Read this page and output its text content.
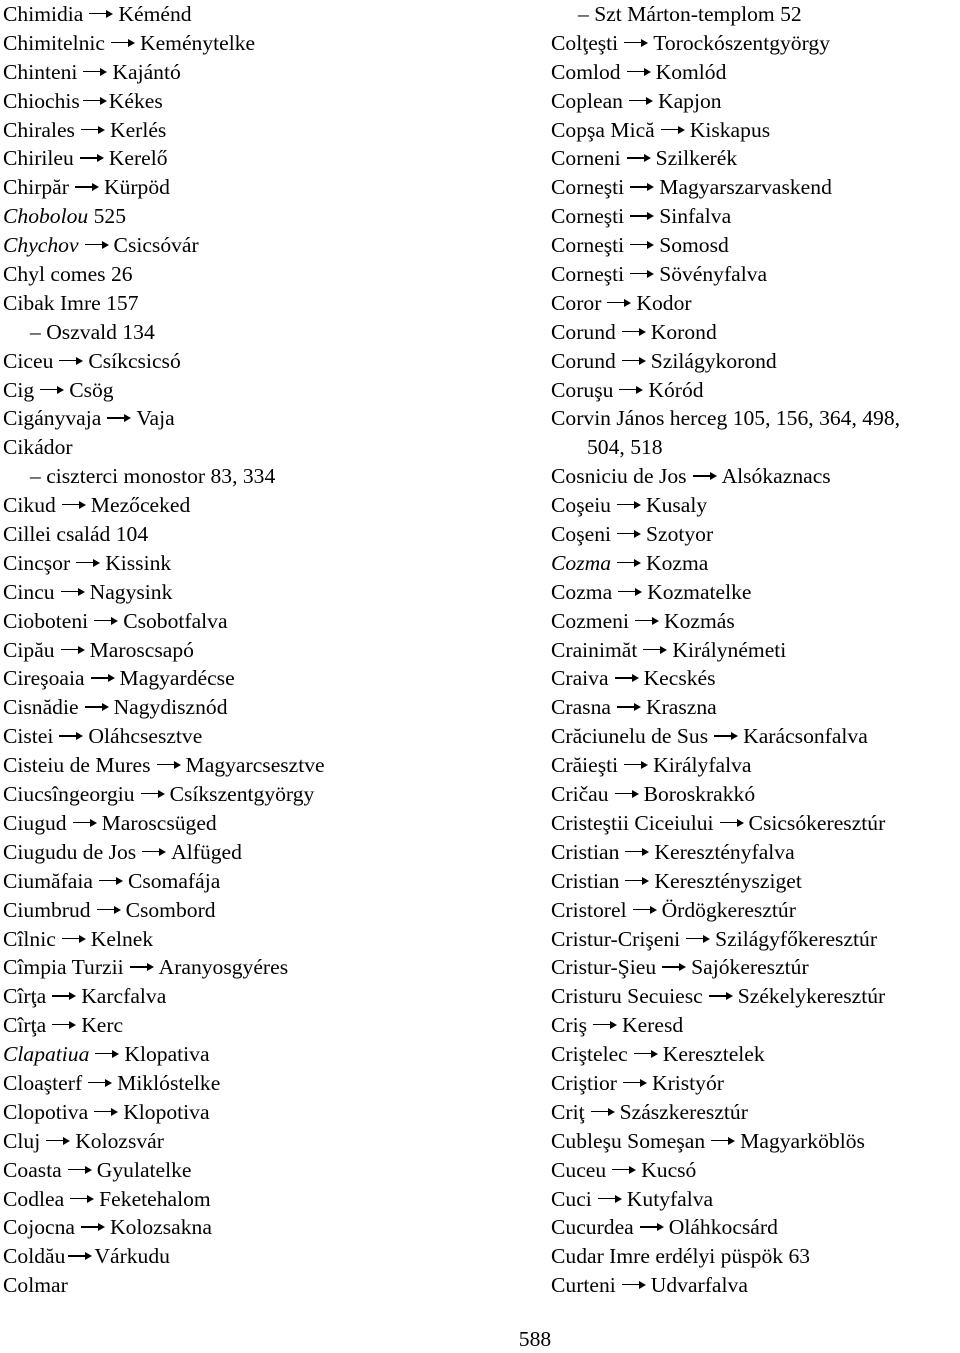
Chimidia Kéménd
Chimitelnic Keménytelke
Chinteni Kajántó
Chiochis Kékes
Chirales Kerlés
Chirileu Kerelő
Chirpăr Kürpöd
Chobolou 525
Chychov Csicsóvár
Chyl comes 26
Cibak Imre 157
– Oszvald 134
Ciceu Csíkcsicsó
Cig Csög
Cigányvaja Vaja
Cikádor
– ciszterci monostor 83, 334
Cikud Mezőceked
Cillei család 104
Cincşor Kissink
Cincu Nagysink
Cioboteni Csobotfalva
Cipău Maroscsapó
Cireşoaia Magyardécse
Cisnădie Nagydisznód
Cistei Oláhcsesztve
Cisteiu de Mures Magyarcsesztve
Ciucsîngeorgiu Csíkszentgyörgy
Ciugud Maroscsüged
Ciugudu de Jos Alfüged
Ciumăfaia Csomafája
Ciumbrud Csombord
Cîlnic Kelnek
Cîmpia Turzii Aranyosgyéres
Cîrţa Karcfalva
Cîrţa Kerc
Clapatiua Klopativa
Cloaşterf Miklóstelke
Clopotiva Klopotiva
Cluj Kolozsvár
Coasta Gyulatelke
Codlea Feketehalom
Cojocna Kolozsakna
Coldău Várkudu
Colmar
– Szt Márton-templom 52
Colţeşti Torockószentgyörgy
Comlod Komlód
Coplean Kapjon
Copşa Mică Kiskapus
Corneni Szilkerék
Corneşti Magyarszarvaskend
Corneşti Sinfalva
Corneşti Somosd
Corneşti Sövényfalva
Coror Kodor
Corund Korond
Corund Szilágykorond
Coruşu Kóród
Corvin János herceg 105, 156, 364, 498,
504, 518
Cosniciu de Jos Alsókaznacs
Coşeiu Kusaly
Coşeni Szotyor
Cozma Kozma
Cozma Kozmatelke
Cozmeni Kozmás
Crainimăt Királynémeti
Craiva Kecskés
Crasna Kraszna
Crăciunelu de Sus Karácsonfalva
Crăieşti Királyfalva
Cričau Boroskrakkó
Cristeştii Ciceiului Csicsókeresztúr
Cristian Keresztényfalva
Cristian Kereszténysziget
Cristorel Ördögkeresztúr
Cristur-Crişeni Szilágyfőkeresztúr
Cristur-Şieu Sajókeresztúr
Cristuru Secuiesc Székelykeresztúr
Criş Keresd
Criştelec Keresztelek
Criştior Kristyór
Criţ Szászkeresztúr
Cubleşu Someşan Magyarköblös
Cuceu Kucsó
Cuci Kutyfalva
Cucurdea Oláhkocsárd
Cudar Imre erdélyi püspök 63
Curteni Udvarfalva
588
